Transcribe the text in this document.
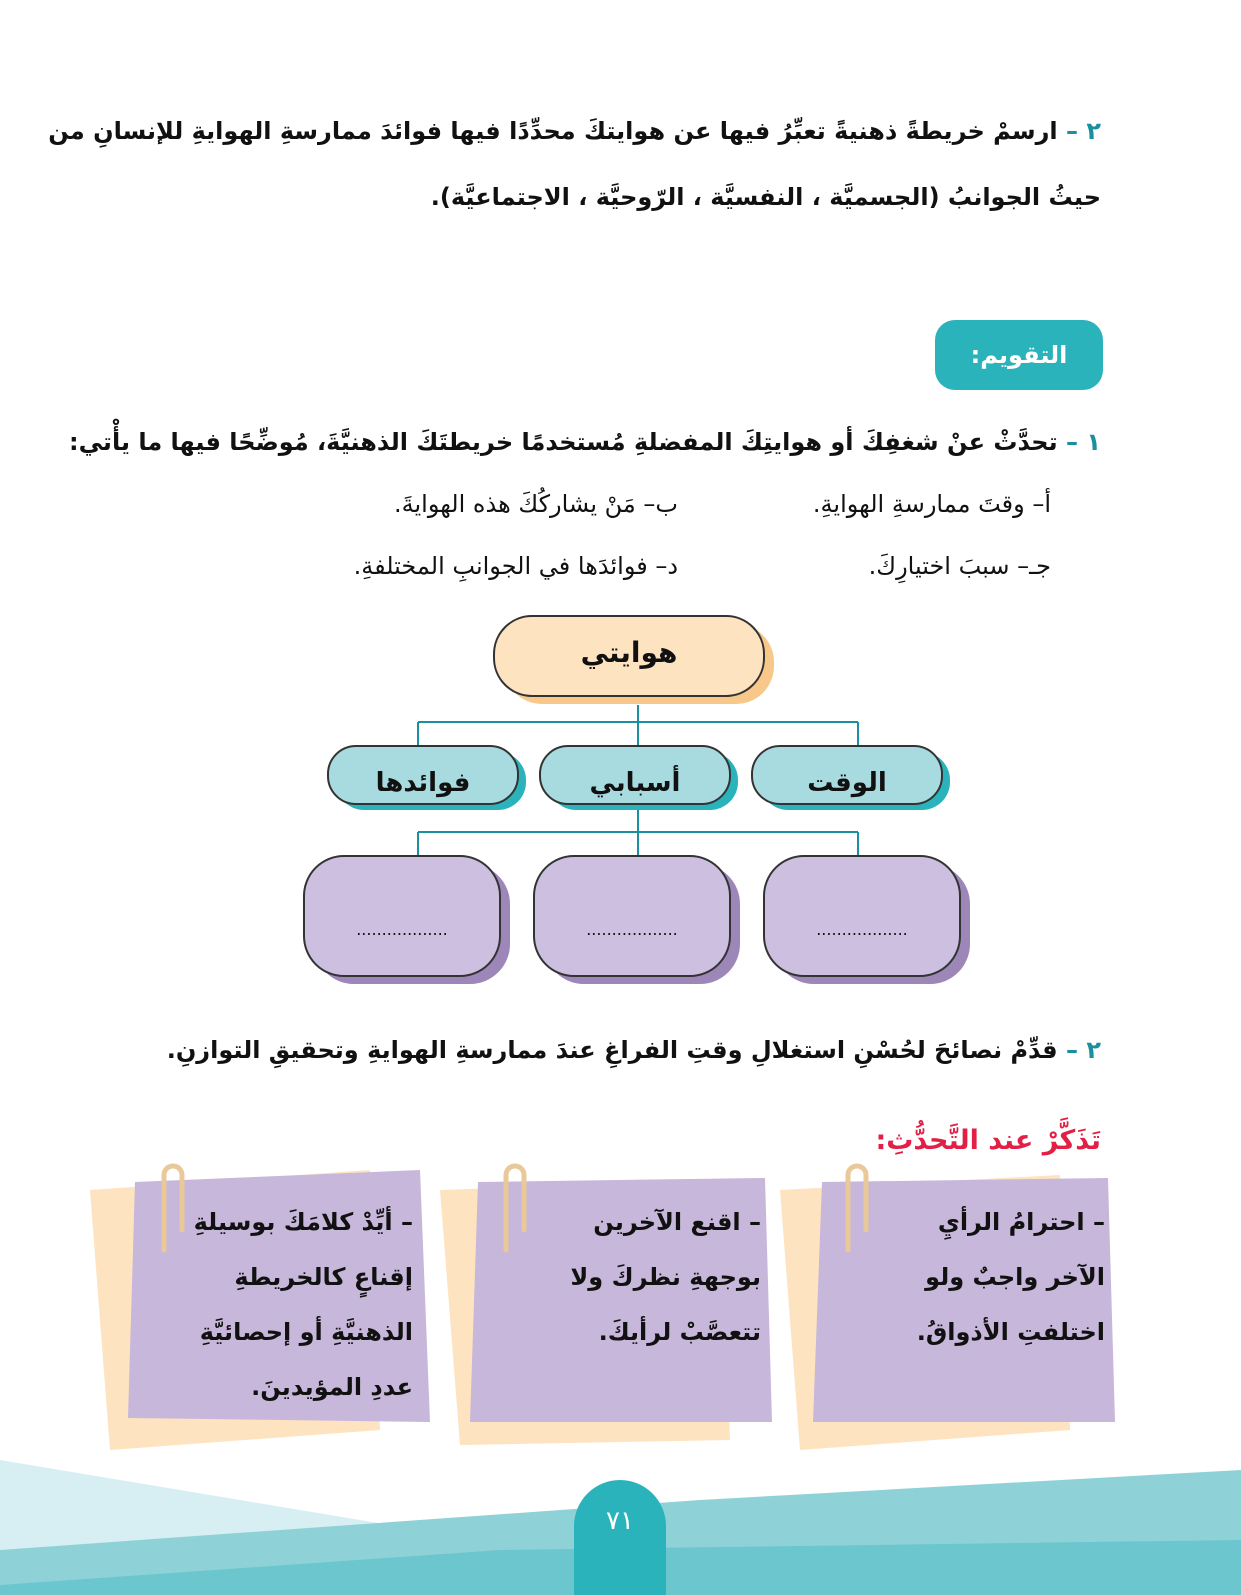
٢ – ارسمْ خريطةً ذهنيةً تعبِّرُ فيها عن هوايتكَ محدِّدًا فيها فوائدَ ممارسةِ الهوايةِ للإنسانِ من
حيثُ الجوانبُ (الجسميَّة ، النفسيَّة ، الرّوحيَّة ، الاجتماعيَّة).
التقويم:
١ – تحدَّثْ عنْ شغفِكَ أو هوايتِكَ المفضلةِ مُستخدمًا خريطتَكَ الذهنيَّةَ، مُوضِّحًا فيها ما يأْتي:
أ– وقتَ ممارسةِ الهوايةِ.
ب– مَنْ يشاركُكَ هذه الهوايةَ.
جـ– سببَ اختيارِكَ.
د– فوائدَها في الجوانبِ المختلفةِ.
هوايتي
الوقت
أسبابي
فوائدها
..................
..................
..................
٢ – قدِّمْ نصائحَ لحُسْنِ استغلالِ وقتِ الفراغِ عندَ ممارسةِ الهوايةِ وتحقيقِ التوازنِ.
تَذَكَّرْ عند التَّحدُّثِ:
– احترامُ الرأيِ
الآخر واجبٌ ولو
اختلفتِ الأذواقُ.
– اقنع الآخرين
بوجهةِ نظركَ ولا
تتعصَّبْ لرأيكَ.
– أيِّدْ كلامَكَ بوسيلةِ
إقناعٍ كالخريطةِ
الذهنيَّةِ أو إحصائيَّةِ
عددِ المؤيدينَ.
٧١
